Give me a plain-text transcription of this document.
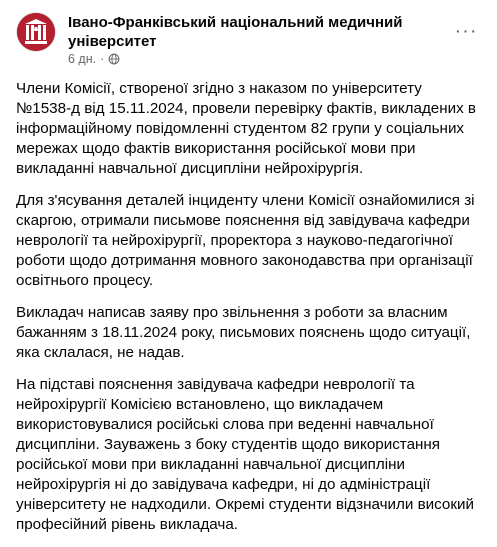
Івано-Франківський національний медичний університет
6 дн. ·
···

Члени Комісії, створеної згідно з наказом по університету №1538-д від 15.11.2024, провели перевірку фактів, викладених в інформаційному повідомленні студентом 82 групи у соціальних мережах щодо фактів використання російської мови при викладанні навчальної дисципліни нейрохірургія.

Для з'ясування деталей інциденту члени Комісії ознайомилися зі скаргою, отримали письмове пояснення від завідувача кафедри неврології та нейрохірургії, проректора з науково-педагогічної роботи щодо дотримання мовного законодавства при організації освітнього процесу.

Викладач написав заяву про звільнення з роботи за власним бажанням з 18.11.2024 року, письмових пояснень щодо ситуації, яка склалася, не надав.

На підставі пояснення завідувача кафедри неврології та нейрохірургії Комісією встановлено, що викладачем використовувалися російські слова при веденні навчальної дисципліни. Зауважень з боку студентів щодо використання російської мови при викладанні навчальної дисципліни нейрохірургія ні до завідувача кафедри, ні до адміністрації університету не надходили. Окремі студенти відзначили високий професійний рівень викладача.
